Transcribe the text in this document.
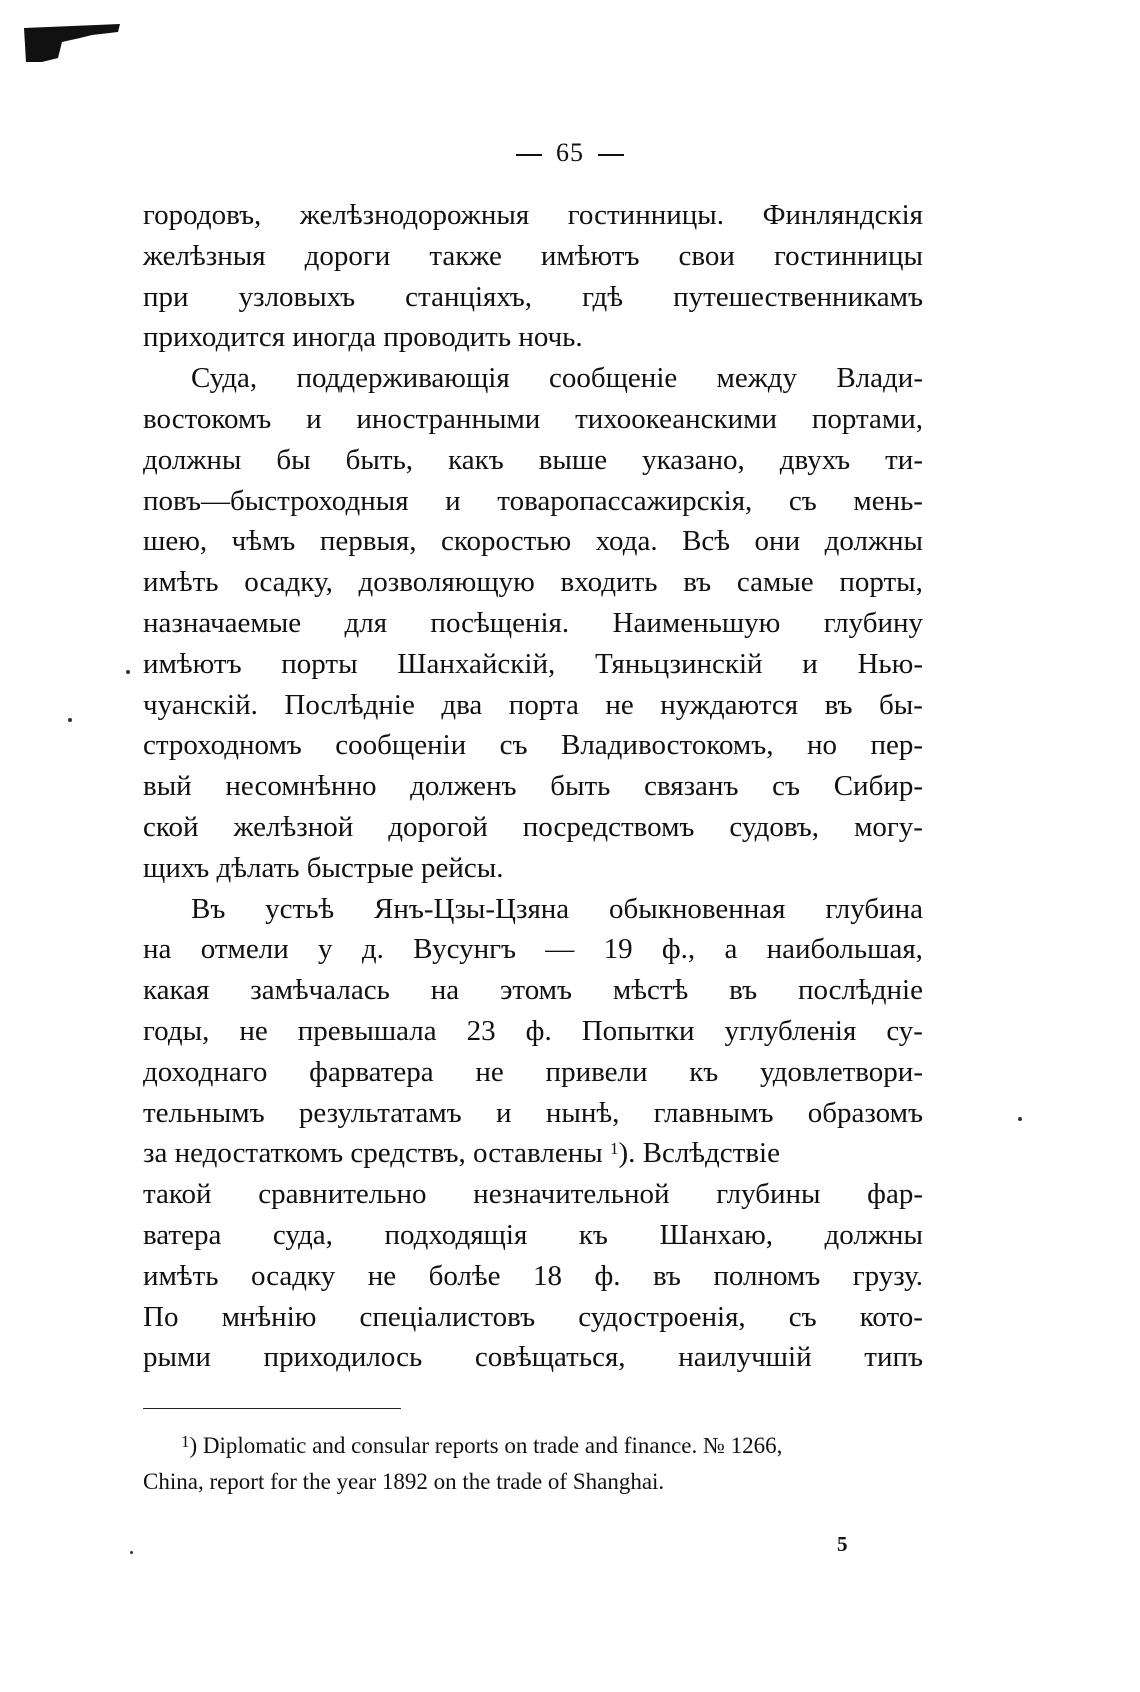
65
городовъ, желѣзнодорожныя гостинницы. Финляндскія
желѣзныя дороги также имѣютъ свои гостинницы
при узловыхъ станціяхъ, гдѣ путешественникамъ
приходится иногда проводить ночь.
Суда, поддерживающія сообщеніе между Влади-
востокомъ и иностранными тихоокеанскими портами,
должны бы быть, какъ выше указано, двухъ ти-
повъ—быстроходныя и товаропассажирскія, съ мень-
шею, чѣмъ первыя, скоростью хода. Всѣ они должны
имѣть осадку, дозволяющую входить въ самые порты,
назначаемые для посѣщенія. Наименьшую глубину
имѣютъ порты Шанхайскій, Тяньцзинскій и Нью-
чуанскій. Послѣдніе два порта не нуждаются въ бы-
строходномъ сообщеніи съ Владивостокомъ, но пер-
вый несомнѣнно долженъ быть связанъ съ Сибир-
ской желѣзной дорогой посредствомъ судовъ, могу-
щихъ дѣлать быстрые рейсы.
Въ устьѣ Янъ-Цзы-Цзяна обыкновенная глубина
на отмели у д. Вусунгъ — 19 ф., а наибольшая,
какая замѣчалась на этомъ мѣстѣ въ послѣдніе
годы, не превышала 23 ф. Попытки углубленія су-
доходнаго фарватера не привели къ удовлетвори-
тельнымъ результатамъ и нынѣ, главнымъ образомъ
за недостаткомъ средствъ, оставлены $^1$). Вслѣдствіе
такой сравнительно незначительной глубины фар-
ватера суда, подходящія къ Шанхаю, должны
имѣть осадку не болѣе 18 ф. въ полномъ грузу.
По мнѣнію спеціалистовъ судостроенія, съ кото-
рыми приходилось совѣщаться, наилучшій типъ
$^1$) Diplomatic and consular reports on trade and finance. № 1266,
China, report for the year 1892 on the trade of Shanghai.
5
